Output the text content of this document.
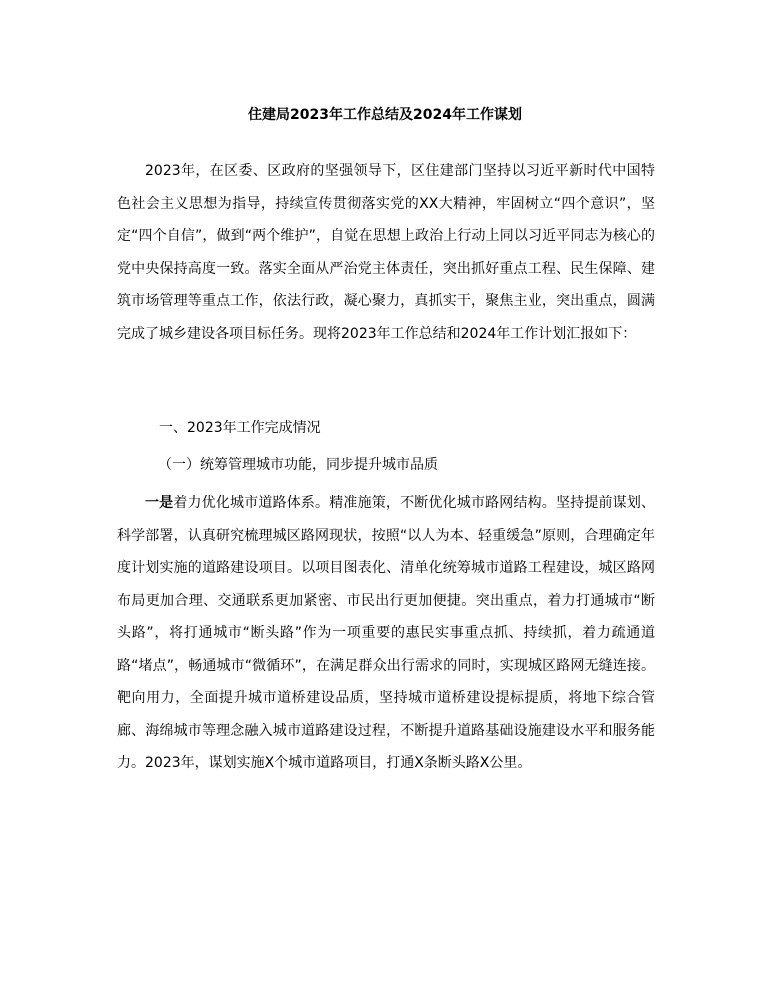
住建局2023年工作总结及2024年工作谋划

2023年，在区委、区政府的坚强领导下，区住建部门坚持以习近平新时代中国特色社会主义思想为指导，持续宣传贯彻落实党的XX大精神，牢固树立“四个意识”，坚定“四个自信”，做到“两个维护”，自觉在思想上政治上行动上同以习近平同志为核心的党中央保持高度一致。落实全面从严治党主体责任，突出抓好重点工程、民生保障、建筑市场管理等重点工作，依法行政，凝心聚力，真抓实干，聚焦主业，突出重点，圆满完成了城乡建设各项目标任务。现将2023年工作总结和2024年工作计划汇报如下：

一、2023年工作完成情况

（一）统筹管理城市功能，同步提升城市品质

一是着力优化城市道路体系。精准施策，不断优化城市路网结构。坚持提前谋划、科学部署，认真研究梳理城区路网现状，按照“以人为本、轻重缓急”原则，合理确定年度计划实施的道路建设项目。以项目图表化、清单化统筹城市道路工程建设，城区路网布局更加合理、交通联系更加紧密、市民出行更加便捷。突出重点，着力打通城市“断头路”，将打通城市“断头路”作为一项重要的惠民实事重点抓、持续抓，着力疏通道路“堵点”，畅通城市“微循环”，在满足群众出行需求的同时，实现城区路网无缝连接。靶向用力，全面提升城市道桥建设品质，坚持城市道桥建设提标提质，将地下综合管廊、海绵城市等理念融入城市道路建设过程，不断提升道路基础设施建设水平和服务能力。2023年，谋划实施X个城市道路项目，打通X条断头路X公里。
